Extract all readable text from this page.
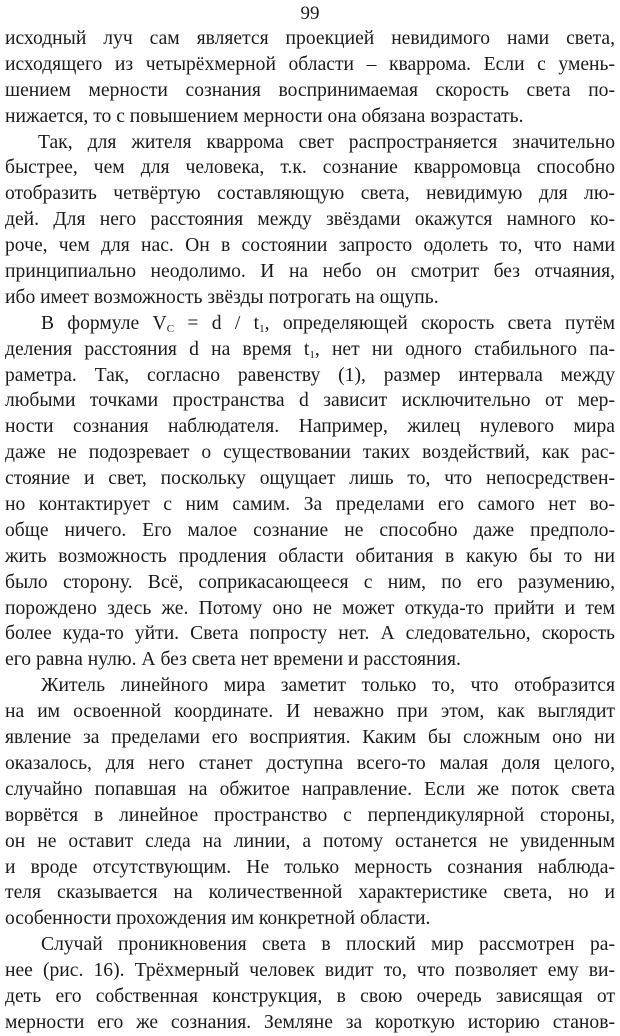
99
исходный луч сам является проекцией невидимого нами света,
исходящего из четырёхмерной области – кваррома. Если с умень-
шением мерности сознания воспринимаемая скорость света по-
нижается, то с повышением мерности она обязана возрастать.
Так, для жителя кваррома свет распространяется значительно
быстрее, чем для человека, т.к. сознание кварромовца способно
отобразить четвёртую составляющую света, невидимую для лю-
дей. Для него расстояния между звёздами окажутся намного ко-
роче, чем для нас. Он в состоянии запросто одолеть то, что нами
принципиально неодолимо. И на небо он смотрит без отчаяния,
ибо имеет возможность звёзды потрогать на ощупь.
В формуле $V_C = d / t_1$, определяющей скорость света путём
деления расстояния d на время $t_1$, нет ни одного стабильного па-
раметра. Так, согласно равенству (1), размер интервала между
любыми точками пространства d зависит исключительно от мер-
ности сознания наблюдателя. Например, жилец нулевого мира
даже не подозревает о существовании таких воздействий, как рас-
стояние и свет, поскольку ощущает лишь то, что непосредствен-
но контактирует с ним самим. За пределами его самого нет во-
обще ничего. Его малое сознание не способно даже предполо-
жить возможность продления области обитания в какую бы то ни
было сторону. Всё, соприкасающееся с ним, по его разумению,
порождено здесь же. Потому оно не может откуда-то прийти и тем
более куда-то уйти. Света попросту нет. А следовательно, скорость
его равна нулю. А без света нет времени и расстояния.
Житель линейного мира заметит только то, что отобразится
на им освоенной координате. И неважно при этом, как выглядит
явление за пределами его восприятия. Каким бы сложным оно ни
оказалось, для него станет доступна всего-то малая доля целого,
случайно попавшая на обжитое направление. Если же поток света
ворвётся в линейное пространство с перпендикулярной стороны,
он не оставит следа на линии, а потому останется не увиденным
и вроде отсутствующим. Не только мерность сознания наблюда-
теля сказывается на количественной характеристике света, но и
особенности прохождения им конкретной области.
Случай проникновения света в плоский мир рассмотрен ра-
нее (рис. 16). Трёхмерный человек видит то, что позволяет ему ви-
деть его собственная конструкция, в свою очередь зависящая от
мерности его же сознания. Земляне за короткую историю станов-
